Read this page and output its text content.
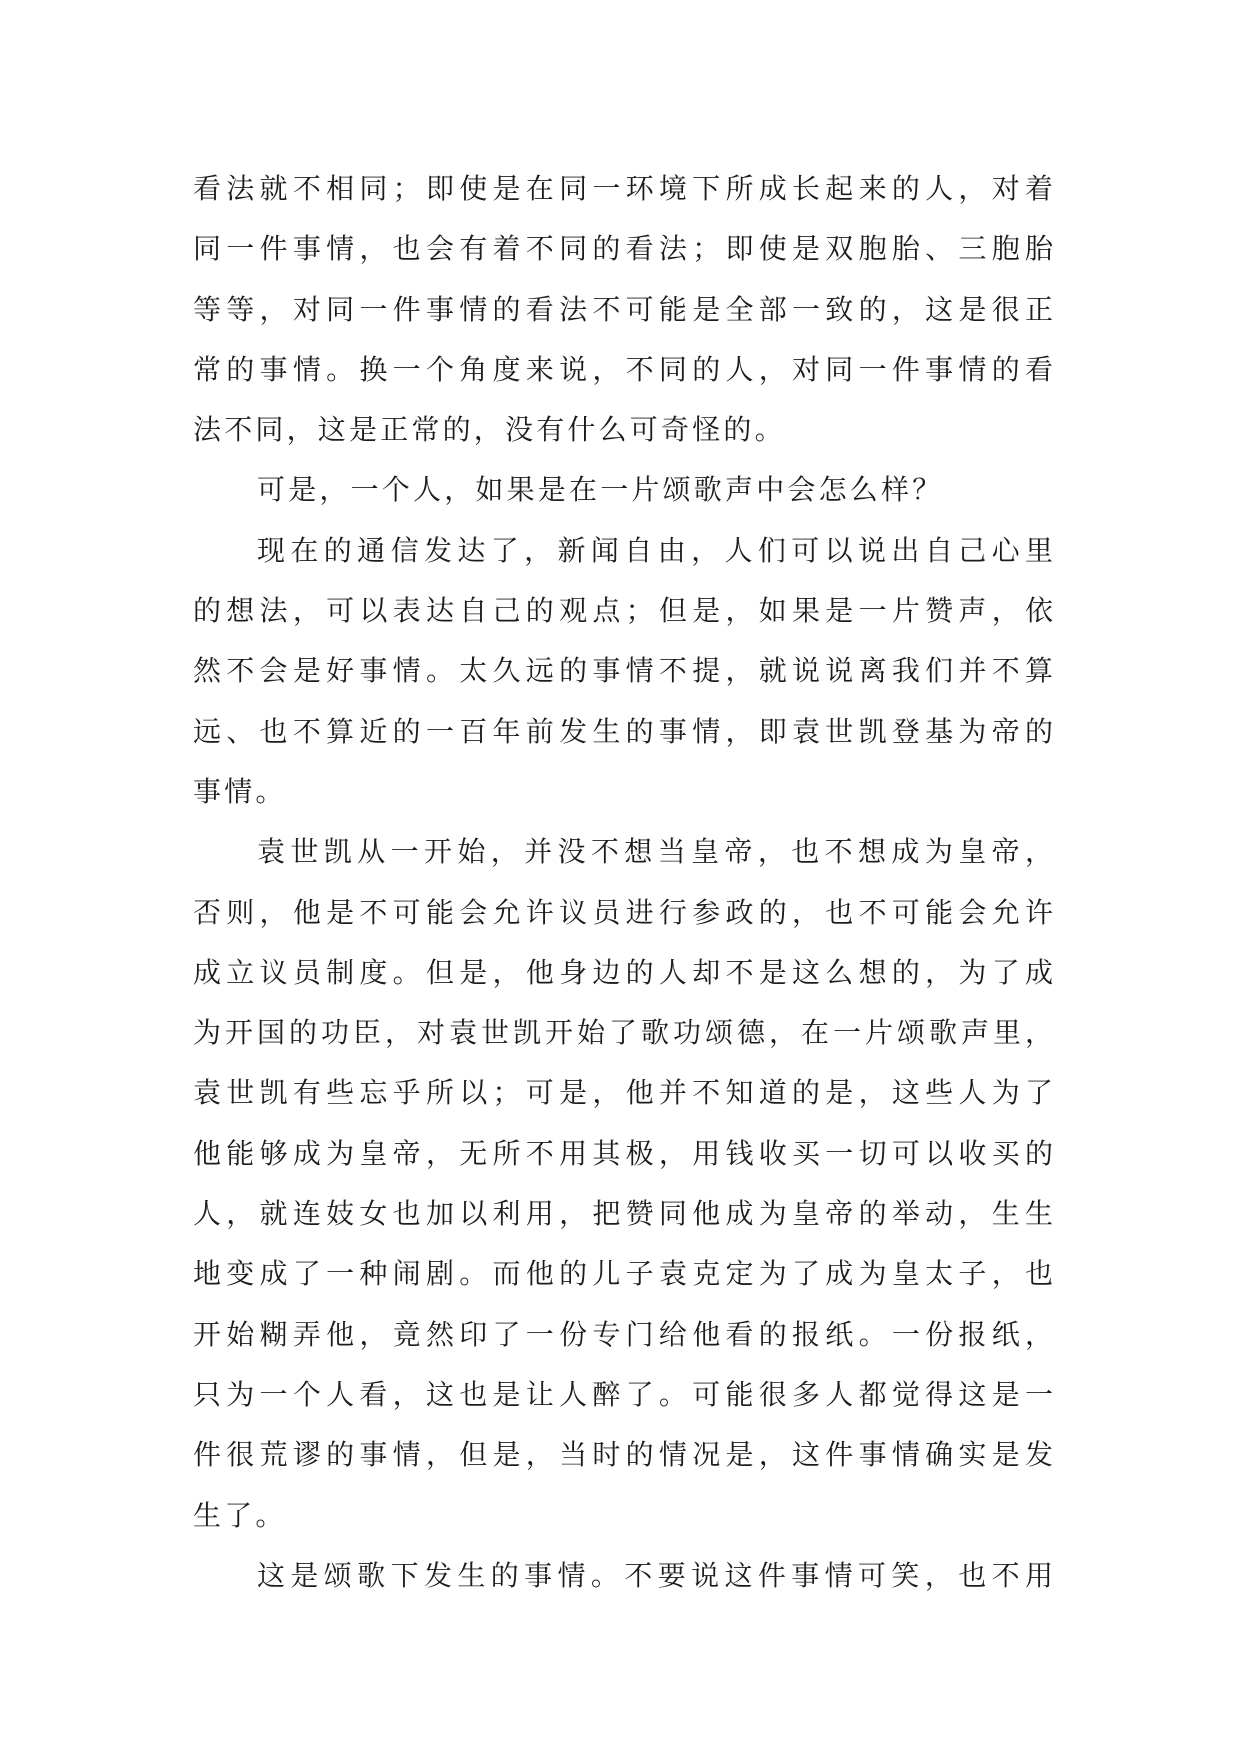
看法就不相同；即使是在同一环境下所成长起来的人，对着
同一件事情，也会有着不同的看法；即使是双胞胎、三胞胎
等等，对同一件事情的看法不可能是全部一致的，这是很正
常的事情。换一个角度来说，不同的人，对同一件事情的看
法不同，这是正常的，没有什么可奇怪的。
可是，一个人，如果是在一片颂歌声中会怎么样？
现在的通信发达了，新闻自由，人们可以说出自己心里
的想法，可以表达自己的观点；但是，如果是一片赞声，依
然不会是好事情。太久远的事情不提，就说说离我们并不算
远、也不算近的一百年前发生的事情，即袁世凯登基为帝的
事情。
袁世凯从一开始，并没不想当皇帝，也不想成为皇帝，
否则，他是不可能会允许议员进行参政的，也不可能会允许
成立议员制度。但是，他身边的人却不是这么想的，为了成
为开国的功臣，对袁世凯开始了歌功颂德，在一片颂歌声里，
袁世凯有些忘乎所以；可是，他并不知道的是，这些人为了
他能够成为皇帝，无所不用其极，用钱收买一切可以收买的
人，就连妓女也加以利用，把赞同他成为皇帝的举动，生生
地变成了一种闹剧。而他的儿子袁克定为了成为皇太子，也
开始糊弄他，竟然印了一份专门给他看的报纸。一份报纸，
只为一个人看，这也是让人醉了。可能很多人都觉得这是一
件很荒谬的事情，但是，当时的情况是，这件事情确实是发
生了。
这是颂歌下发生的事情。不要说这件事情可笑，也不用
